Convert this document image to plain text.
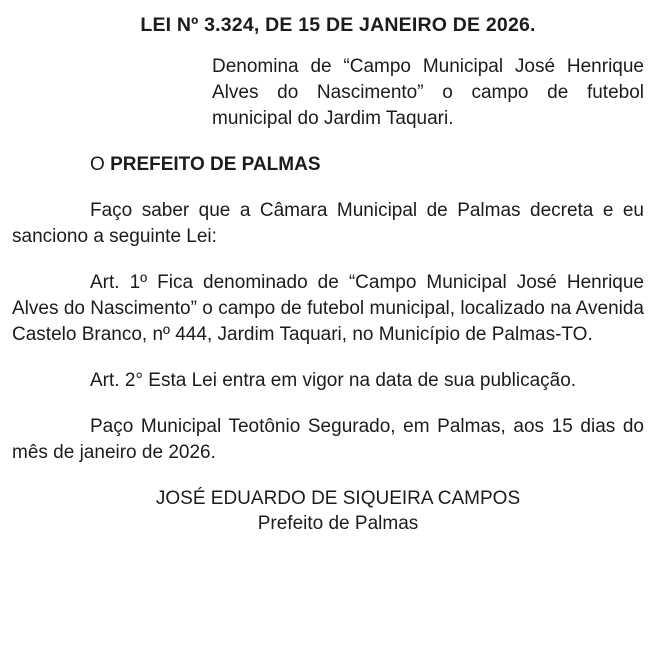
LEI Nº 3.324, DE 15 DE JANEIRO DE 2026.

Denomina de “Campo Municipal José Henrique Alves do Nascimento” o campo de futebol municipal do Jardim Taquari.

O PREFEITO DE PALMAS

Faço saber que a Câmara Municipal de Palmas decreta e eu sanciono a seguinte Lei:

Art. 1º Fica denominado de “Campo Municipal José Henrique Alves do Nascimento” o campo de futebol municipal, localizado na Avenida Castelo Branco, nº 444, Jardim Taquari, no Município de Palmas-TO.

Art. 2° Esta Lei entra em vigor na data de sua publicação.

Paço Municipal Teotônio Segurado, em Palmas, aos 15 dias do mês de janeiro de 2026.

JOSÉ EDUARDO DE SIQUEIRA CAMPOS
Prefeito de Palmas
